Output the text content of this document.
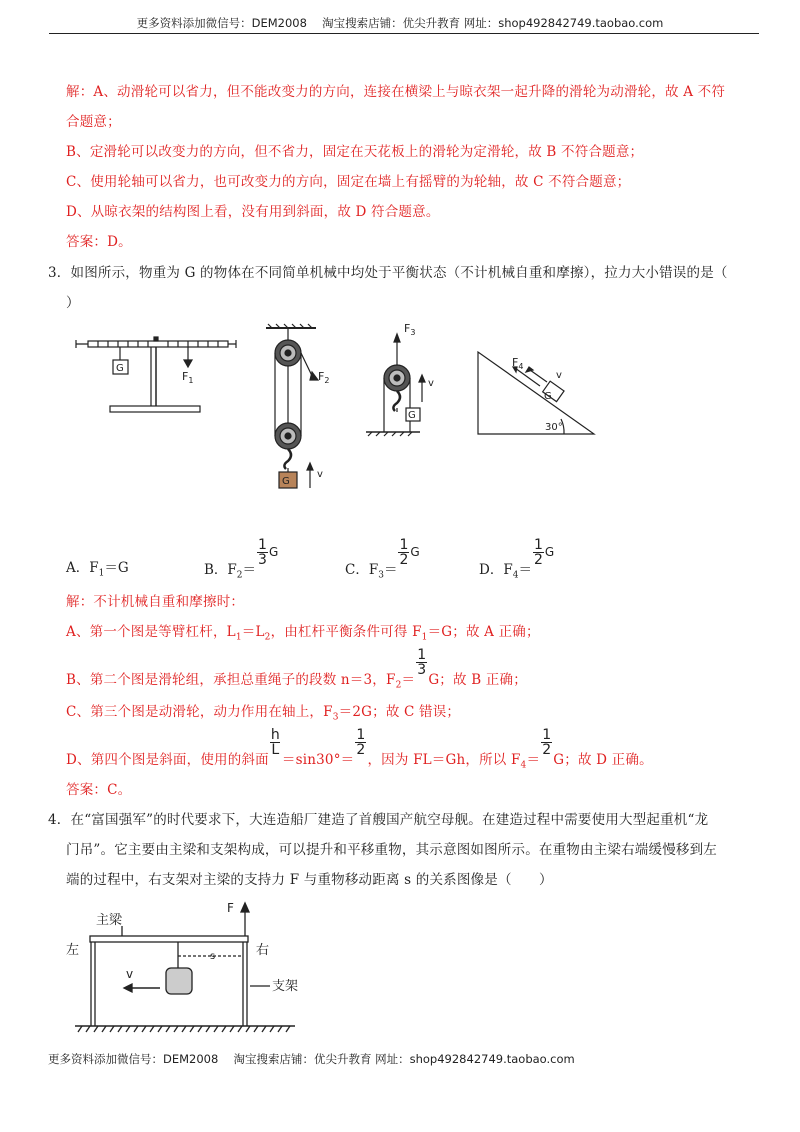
更多资料添加微信号：DEM2008　 淘宝搜索店铺：优尖升教育 网址：shop492842749.taobao.com
解：A、动滑轮可以省力，但不能改变力的方向，连接在横梁上与晾衣架一起升降的滑轮为动滑轮，故 A 不符
合题意；
B、定滑轮可以改变力的方向，但不省力，固定在天花板上的滑轮为定滑轮，故 B 不符合题意；
C、使用轮轴可以省力，也可改变力的方向，固定在墙上有摇臂的为轮轴，故 C 不符合题意；
D、从晾衣架的结构图上看，没有用到斜面，故 D 符合题意。
答案：D。
3．如图所示，物重为 G 的物体在不同简单机械中均处于平衡状态（不计机械自重和摩擦），拉力大小错误的是（
）
G
$F_1$
G
$F_2$
v
G
$F_3$
v
G
$F_4$
v
30°
A．$F_1=G$	B．$F_2=$
$\frac{1}{3}$ G
C．$F_3=$
$\frac{1}{2}$ G
D．$F_4=$
$\frac{1}{2}$ G
解：不计机械自重和摩擦时：
A、第一个图是等臂杠杆，$L_1=L_2$，由杠杆平衡条件可得 $F_1=G$；故 A 正确；
B、第二个图是滑轮组，承担总重绳子的段数 n＝3，$F_2=$
$\frac{1}{3}$
G；故 B 正确；
C、第三个图是动滑轮，动力作用在轴上，$F_3=2G$；故 C 错误；
D、第四个图是斜面，使用的斜面
$\frac{h}{L}$
＝sin30°＝
$\frac{1}{2}$
，因为 FL＝Gh，所以 $F_4=$
$\frac{1}{2}$
G；故 D 正确。
答案：C。
4．在“富国强军”的时代要求下，大连造船厂建造了首艘国产航空母舰。在建造过程中需要使用大型起重机“龙
门吊”。它主要由主梁和支架构成，可以提升和平移重物，其示意图如图所示。在重物由主梁右端缓慢移到左
端的过程中，右支架对主梁的支持力 F 与重物移动距离 s 的关系图像是（　　）
主梁
左	右
支架
F
s
v
更多资料添加微信号：DEM2008　 淘宝搜索店铺：优尖升教育 网址：shop492842749.taobao.com
